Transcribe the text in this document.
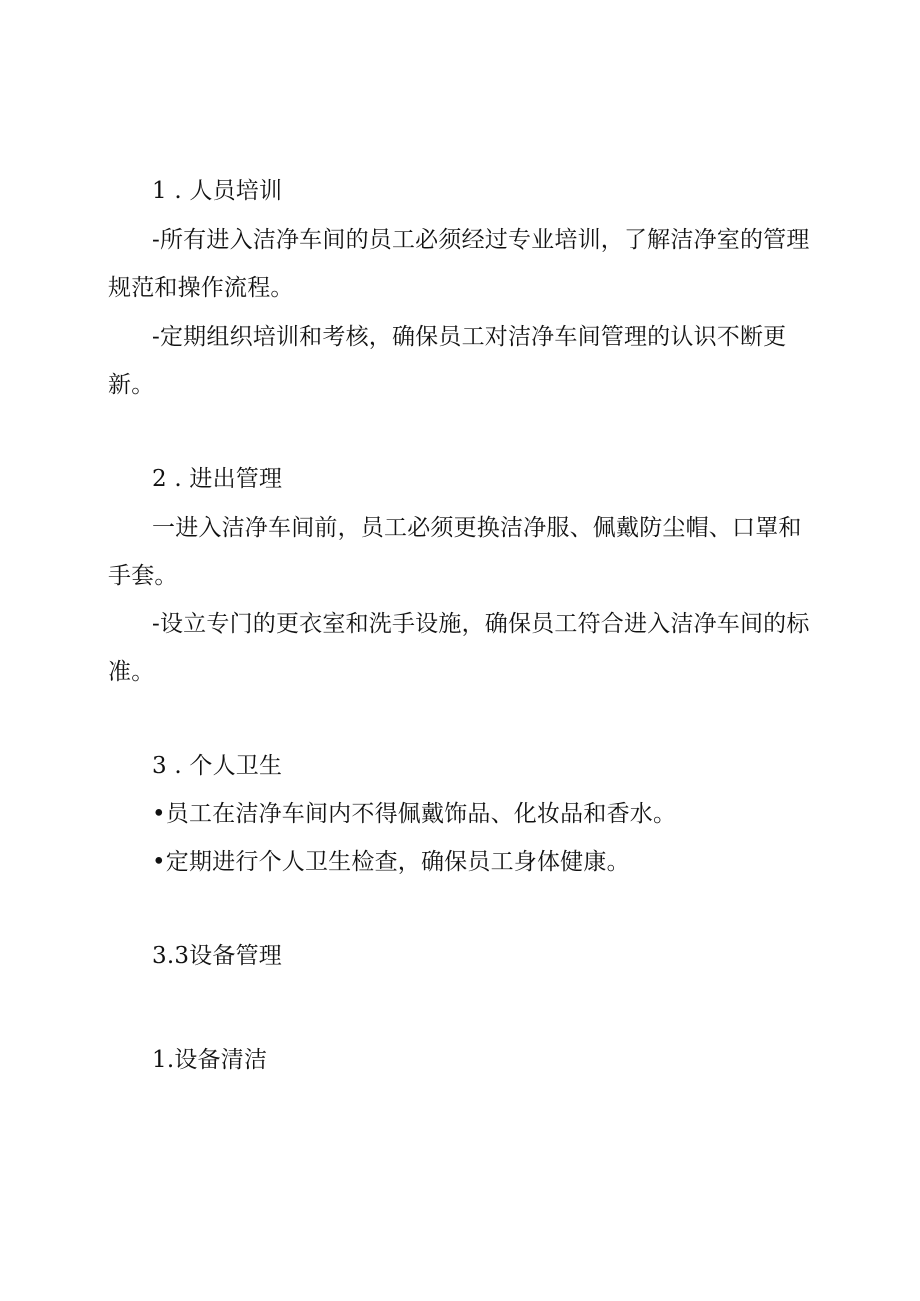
1 . 人员培训
-所有进入洁净车间的员工必须经过专业培训，了解洁净室的管理
规范和操作流程。
-定期组织培训和考核，确保员工对洁净车间管理的认识不断更
新。
2 . 进出管理
一进入洁净车间前，员工必须更换洁净服、佩戴防尘帽、口罩和
手套。
-设立专门的更衣室和洗手设施，确保员工符合进入洁净车间的标
准。
3 . 个人卫生
•员工在洁净车间内不得佩戴饰品、化妆品和香水。
•定期进行个人卫生检查，确保员工身体健康。
3.3设备管理
1.设备清洁
